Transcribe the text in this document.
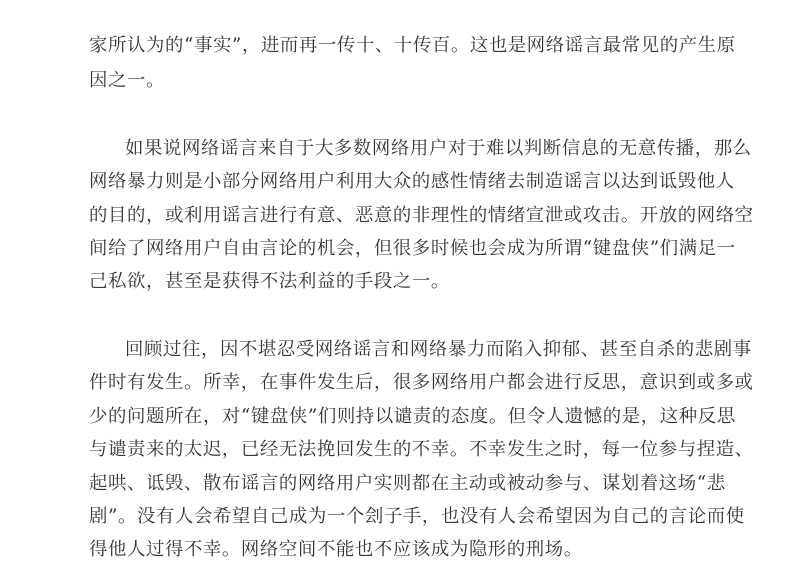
家所认为的“事实”，进而再一传十、十传百。这也是网络谣言最常见的产生原
因之一。
如果说网络谣言来自于大多数网络用户对于难以判断信息的无意传播，那么
网络暴力则是小部分网络用户利用大众的感性情绪去制造谣言以达到诋毁他人
的目的，或利用谣言进行有意、恶意的非理性的情绪宣泄或攻击。开放的网络空
间给了网络用户自由言论的机会，但很多时候也会成为所谓“键盘侠”们满足一
己私欲，甚至是获得不法利益的手段之一。
回顾过往，因不堪忍受网络谣言和网络暴力而陷入抑郁、甚至自杀的悲剧事
件时有发生。所幸，在事件发生后，很多网络用户都会进行反思，意识到或多或
少的问题所在，对“键盘侠”们则持以谴责的态度。但令人遗憾的是，这种反思
与谴责来的太迟，已经无法挽回发生的不幸。不幸发生之时，每一位参与捏造、
起哄、诋毁、散布谣言的网络用户实则都在主动或被动参与、谋划着这场“悲
剧”。没有人会希望自己成为一个刽子手，也没有人会希望因为自己的言论而使
得他人过得不幸。网络空间不能也不应该成为隐形的刑场。
